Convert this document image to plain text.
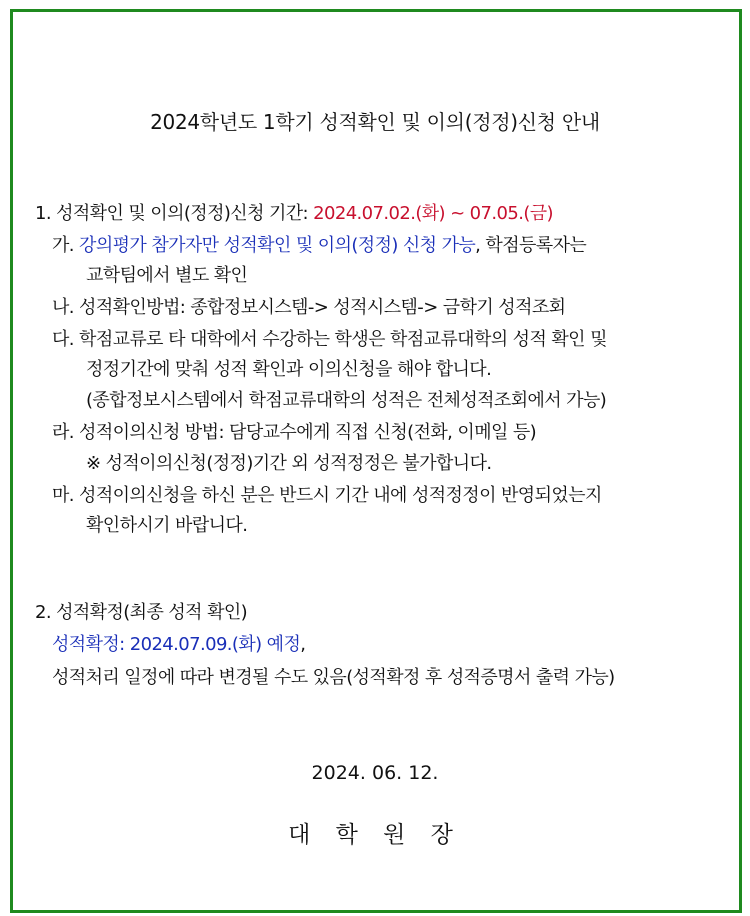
2024학년도 1학기 성적확인 및 이의(정정)신청 안내
1. 성적확인 및 이의(정정)신청 기간: 2024.07.02.(화) ~ 07.05.(금)
가. 강의평가 참가자만 성적확인 및 이의(정정) 신청 가능, 학점등록자는
교학팀에서 별도 확인
나. 성적확인방법: 종합정보시스템-> 성적시스템-> 금학기 성적조회
다. 학점교류로 타 대학에서 수강하는 학생은 학점교류대학의 성적 확인 및
정정기간에 맞춰 성적 확인과 이의신청을 해야 합니다.
(종합정보시스템에서 학점교류대학의 성적은 전체성적조회에서 가능)
라. 성적이의신청 방법: 담당교수에게 직접 신청(전화, 이메일 등)
※ 성적이의신청(정정)기간 외 성적정정은 불가합니다.
마. 성적이의신청을 하신 분은 반드시 기간 내에 성적정정이 반영되었는지
확인하시기 바랍니다.
2. 성적확정(최종 성적 확인)
성적확정: 2024.07.09.(화) 예정,
성적처리 일정에 따라 변경될 수도 있음(성적확정 후 성적증명서 출력 가능)
2024. 06. 12.
대 학 원 장
